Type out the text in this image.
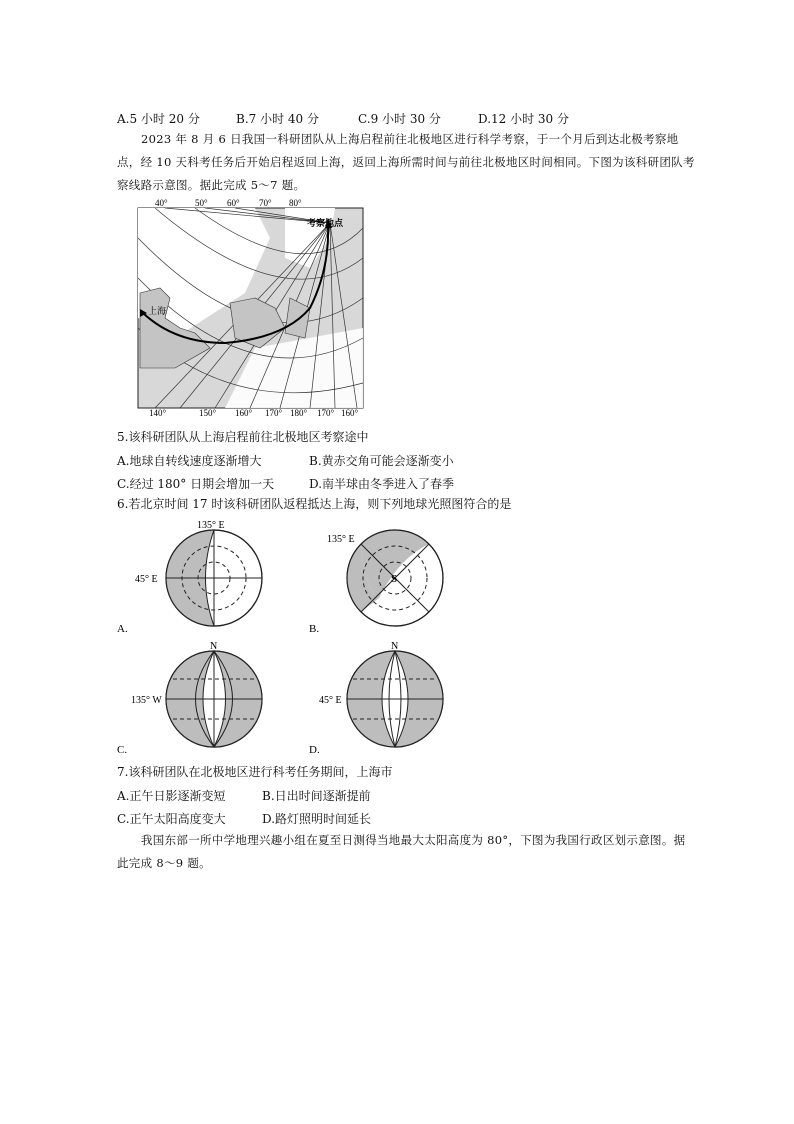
A.5 小时 20 分	B.7 小时 40 分	C.9 小时 30 分	D.12 小时 30 分
2023 年 8 月 6 日我国一科研团队从上海启程前往北极地区进行科学考察，于一个月后到达北极考察地点，经 10 天科考任务后开始启程返回上海，返回上海所需时间与前往北极地区时间相同。下图为该科研团队考察线路示意图。据此完成 5～7 题。
40°	50° 60° 70° 80°
考察地点
上海
140°	150° 160° 170° 180° 170° 160°
5.该科研团队从上海启程前往北极地区考察途中
A.地球自转线速度逐渐增大	B.黄赤交角可能会逐渐变小
C.经过 180° 日期会增加一天	D.南半球由冬季进入了春季
6.若北京时间 17 时该科研团队返程抵达上海，则下列地球光照图符合的是
135° E
45° E
A.
135° E
S
B.
N
135° W
C.
N
45° E
D.
7.该科研团队在北极地区进行科考任务期间，上海市
A.正午日影逐渐变短	B.日出时间逐渐提前
C.正午太阳高度变大	D.路灯照明时间延长
我国东部一所中学地理兴趣小组在夏至日测得当地最大太阳高度为 80°，下图为我国行政区划示意图。据此完成 8～9 题。
